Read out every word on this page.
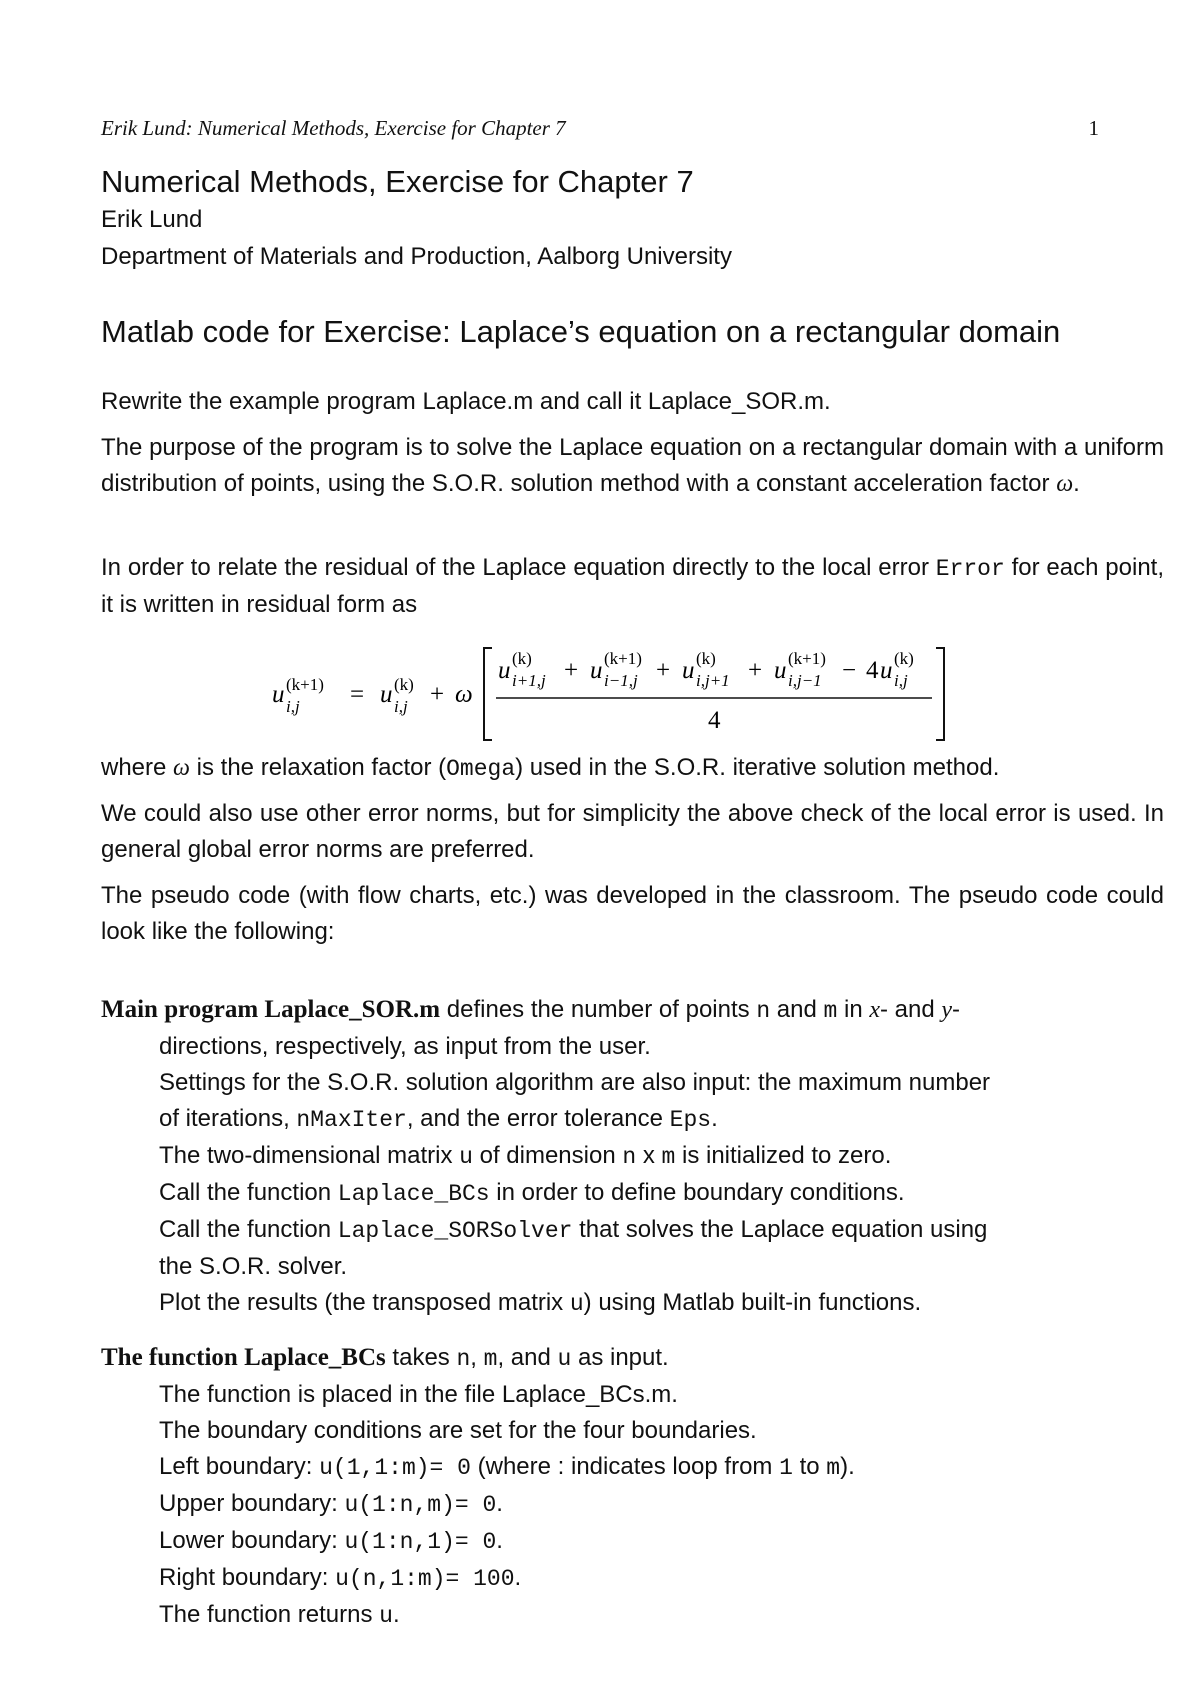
Erik Lund: Numerical Methods, Exercise for Chapter 7	1
Numerical Methods, Exercise for Chapter 7
Erik Lund
Department of Materials and Production, Aalborg University
Matlab code for Exercise: Laplace’s equation on a rectangular domain

Rewrite the example program Laplace.m and call it Laplace_SOR.m.

The purpose of the program is to solve the Laplace equation on a rectangular domain with a uniform distribution of points, using the S.O.R. solution method with a constant acceleration factor ω.

In order to relate the residual of the Laplace equation directly to the local error Error for each point, it is written in residual form as

u (k+1)
i,j = u (k)
i,j + ω
u (k)
i+1,j + u (k+1)
i−1,j + u (k)
i,j+1 + u (k+1)
i,j−1 − 4 u (k)
i,j
4

where ω is the relaxation factor (Omega) used in the S.O.R. iterative solution method.

We could also use other error norms, but for simplicity the above check of the local error is used. In general global error norms are preferred.

The pseudo code (with flow charts, etc.) was developed in the classroom. The pseudo code could look like the following:

Main program Laplace_SOR.m defines the number of points n and m in x- and y-
directions, respectively, as input from the user.
Settings for the S.O.R. solution algorithm are also input: the maximum number
of iterations, nMaxIter, and the error tolerance Eps.
The two-dimensional matrix u of dimension n x m is initialized to zero.
Call the function Laplace_BCs in order to define boundary conditions.
Call the function Laplace_SORSolver that solves the Laplace equation using
the S.O.R. solver.
Plot the results (the transposed matrix u) using Matlab built-in functions.
The function Laplace_BCs takes n, m, and u as input.
The function is placed in the file Laplace_BCs.m.
The boundary conditions are set for the four boundaries.
Left boundary: u(1,1:m)= 0 (where : indicates loop from 1 to m).
Upper boundary: u(1:n,m)= 0.
Lower boundary: u(1:n,1)= 0.
Right boundary: u(n,1:m)= 100.
The function returns u.
